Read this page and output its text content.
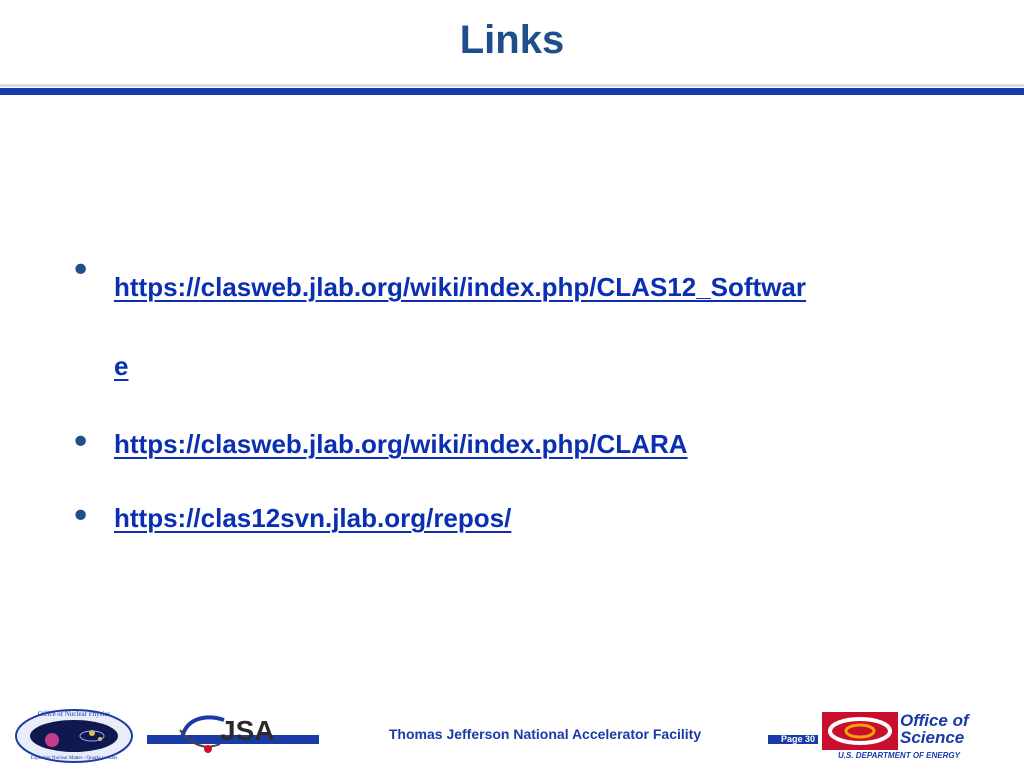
Links
• https://clasweb.jlab.org/wiki/index.php/CLAS12_Softwar
e
• https://clasweb.jlab.org/wiki/index.php/CLARA
• https://clas12svn.jlab.org/repos/
Office of Nuclear Physics
Exploring Nuclear Matter - Quarks to Stars
JSA	Thomas Jefferson National Accelerator Facility	Page 30
Office of
Science
U.S. DEPARTMENT OF ENERGY
